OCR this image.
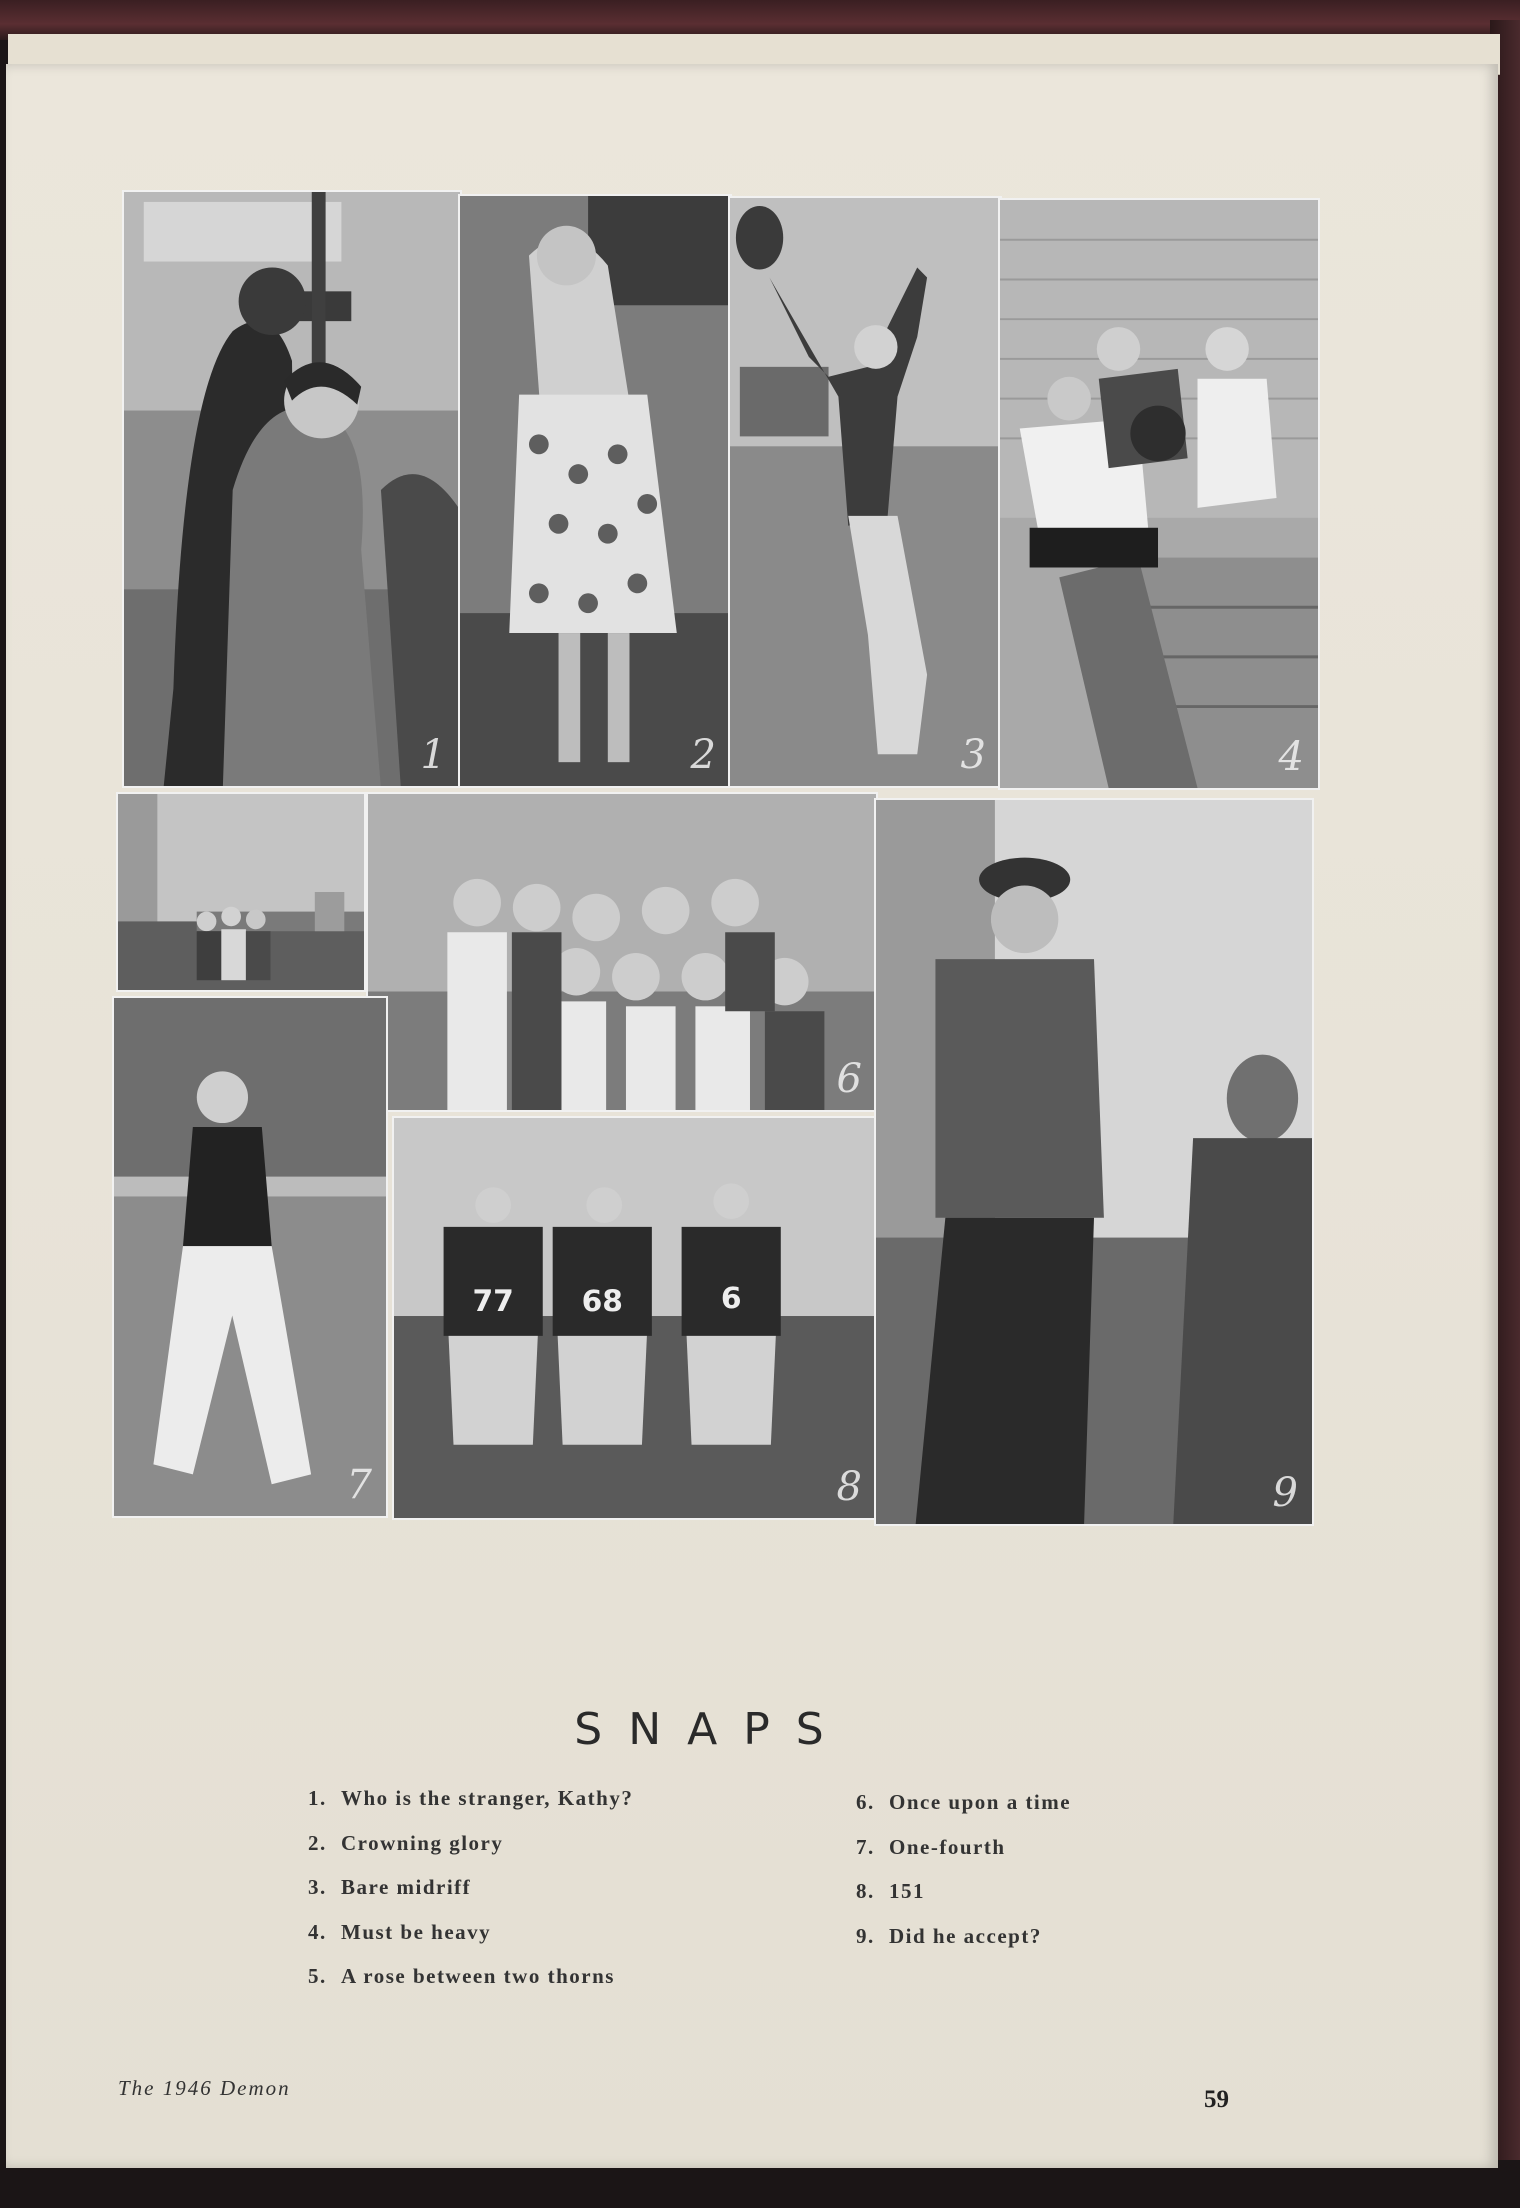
1	2	3	4
6
7
77 68	6
8	9
SNAPS
1. Who is the stranger, Kathy?
2. Crowning glory
3. Bare midriff
4. Must be heavy
5. A rose between two thorns
6. Once upon a time
7. One-fourth
8. 151
9. Did he accept?
The 1946 Demon	59
